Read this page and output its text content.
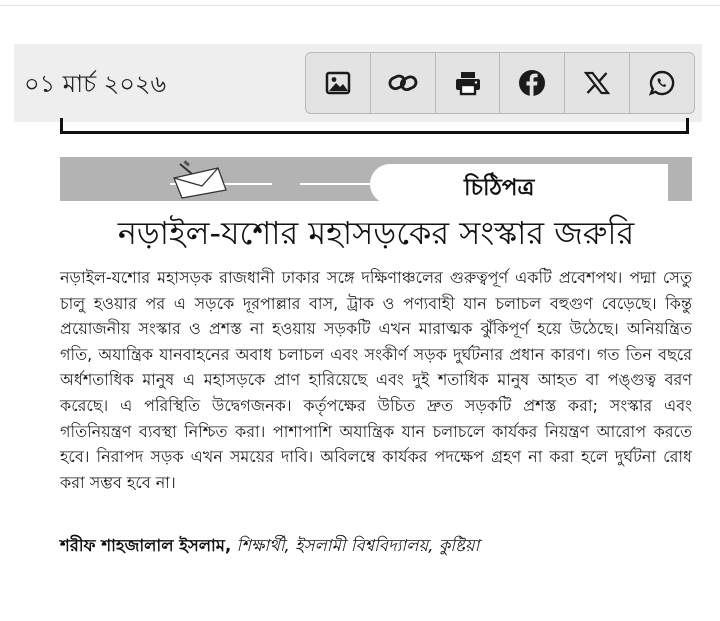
০১ মার্চ ২০২৬
চিঠিপত্র
নড়াইল-যশোর মহাসড়কের সংস্কার জরুরি
নড়াইল-যশোর মহাসড়ক রাজধানী ঢাকার সঙ্গে দক্ষিণাঞ্চলের গুরুত্বপূর্ণ একটি প্রবেশপথ। পদ্মা সেতু চালু হওয়ার পর এ সড়কে দূরপাল্লার বাস, ট্রাক ও পণ্যবাহী যান চলাচল বহুগুণ বেড়েছে। কিন্তু প্রয়োজনীয় সংস্কার ও প্রশস্ত না হওয়ায় সড়কটি এখন মারাত্মক ঝুঁকিপূর্ণ হয়ে উঠেছে। অনিয়ন্ত্রিত গতি, অযান্ত্রিক যানবাহনের অবাধ চলাচল এবং সংকীর্ণ সড়ক দুর্ঘটনার প্রধান কারণ। গত তিন বছরে অর্ধশতাধিক মানুষ এ মহাসড়কে প্রাণ হারিয়েছে এবং দুই শতাধিক মানুষ আহত বা পঙ্গুত্ব বরণ করেছে। এ পরিস্থিতি উদ্বেগজনক। কর্তৃপক্ষের উচিত দ্রুত সড়কটি প্রশস্ত করা; সংস্কার এবং গতিনিয়ন্ত্রণ ব্যবস্থা নিশ্চিত করা। পাশাপাশি অযান্ত্রিক যান চলাচলে কার্যকর নিয়ন্ত্রণ আরোপ করতে হবে। নিরাপদ সড়ক এখন সময়ের দাবি। অবিলম্বে কার্যকর পদক্ষেপ গ্রহণ না করা হলে দুর্ঘটনা রোধ করা সম্ভব হবে না।
শরীফ শাহজালাল ইসলাম, শিক্ষার্থী, ইসলামী বিশ্ববিদ্যালয়, কুষ্টিয়া
